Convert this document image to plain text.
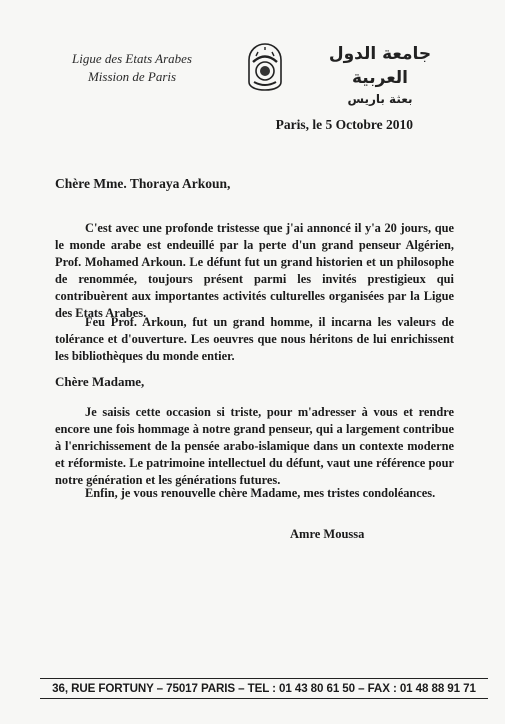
Ligue des Etats Arabes
Mission de Paris
جامعة الدول العربية
بعثة باريس
Paris, le 5 Octobre 2010
Chère Mme. Thoraya Arkoun,
C'est avec une profonde tristesse que j'ai annoncé il y'a 20 jours, que le monde arabe est endeuillé par la perte d'un grand penseur Algérien, Prof. Mohamed Arkoun. Le défunt fut un grand historien et un philosophe de renommée, toujours présent parmi les invités prestigieux qui contribuèrent aux importantes activités culturelles organisées par la Ligue des Etats Arabes.
Feu Prof. Arkoun, fut un grand homme, il incarna les valeurs de tolérance et d'ouverture. Les oeuvres que nous héritons de lui enrichissent les bibliothèques du monde entier.
Chère Madame,
Je saisis cette occasion si triste, pour m'adresser à vous et rendre encore une fois hommage à notre grand penseur, qui a largement contribue à l'enrichissement de la pensée arabo-islamique dans un contexte moderne et réformiste. Le patrimoine intellectuel du défunt, vaut une référence pour notre génération et les générations futures.
Enfin, je vous renouvelle chère Madame, mes tristes condoléances.
Amre Moussa
36, RUE FORTUNY – 75017 PARIS – TEL : 01 43 80 61 50 – FAX : 01 48 88 91 71
